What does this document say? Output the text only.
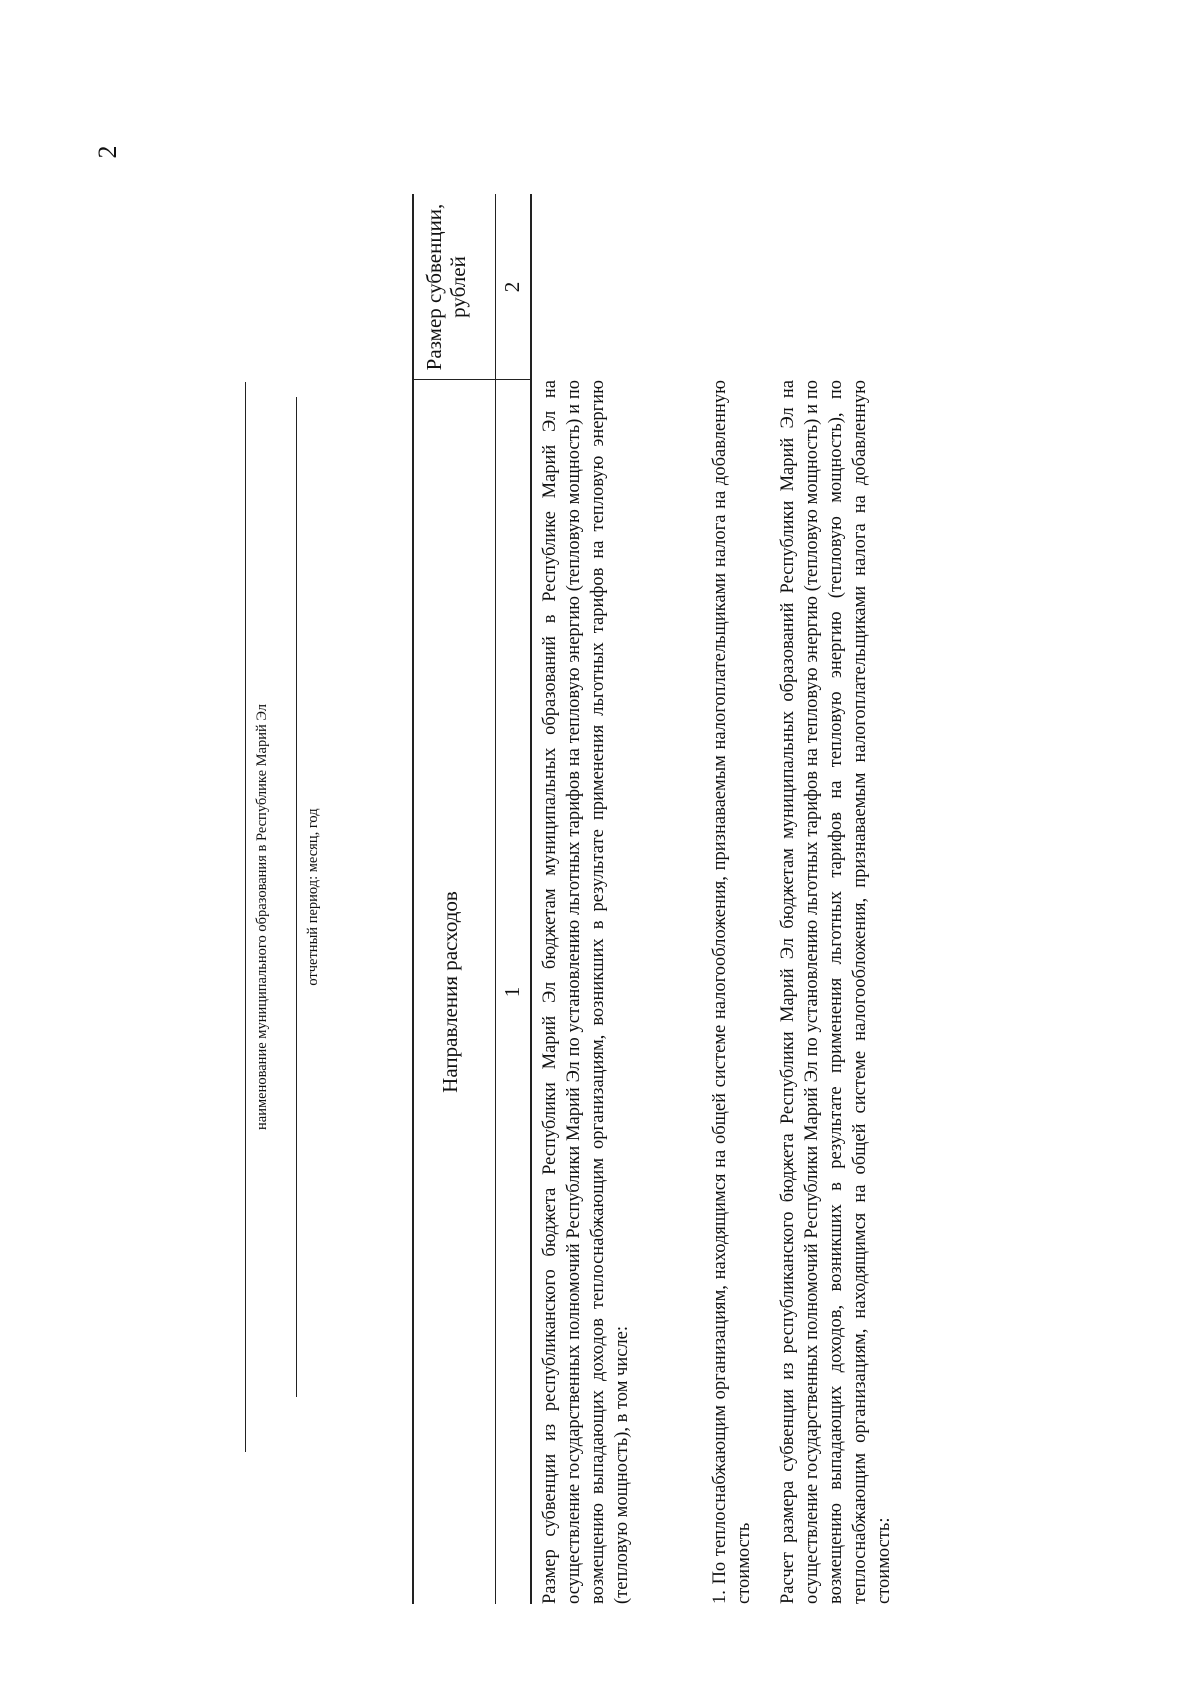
2
наименование муниципального образования в Республике Марий Эл отчетный период: месяц, год	Направления расходов
Размер субвенции, рублей
1
2
Размер субвенции из республиканского бюджета Республики Марий Эл бюджетам муниципальных образований в Республике Марий Эл на осуществление государственных полномочий Республики Марий Эл по установлению льготных тарифов на тепловую энергию (тепловую мощность) и по возмещению выпадающих доходов теплоснабжающим организациям, возникших в результате применения льготных тарифов на тепловую энергию (тепловую мощность), в том числе:	1. По теплоснабжающим организациям, находящимся на общей системе налогообложения, признаваемым налогоплательщиками налога на добавленную стоимость Расчет размера субвенции из республиканского бюджета Республики Марий Эл бюджетам муниципальных образований Республики Марий Эл на осуществление государственных полномочий Республики Марий Эл по установлению льготных тарифов на тепловую энергию (тепловую мощность) и по возмещению выпадающих доходов, возникших в результате применения льготных тарифов на тепловую энергию (тепловую мощность), по теплоснабжающим организациям, находящимся на общей системе налогообложения, признаваемым налогоплательщиками налога на добавленную стоимость:
